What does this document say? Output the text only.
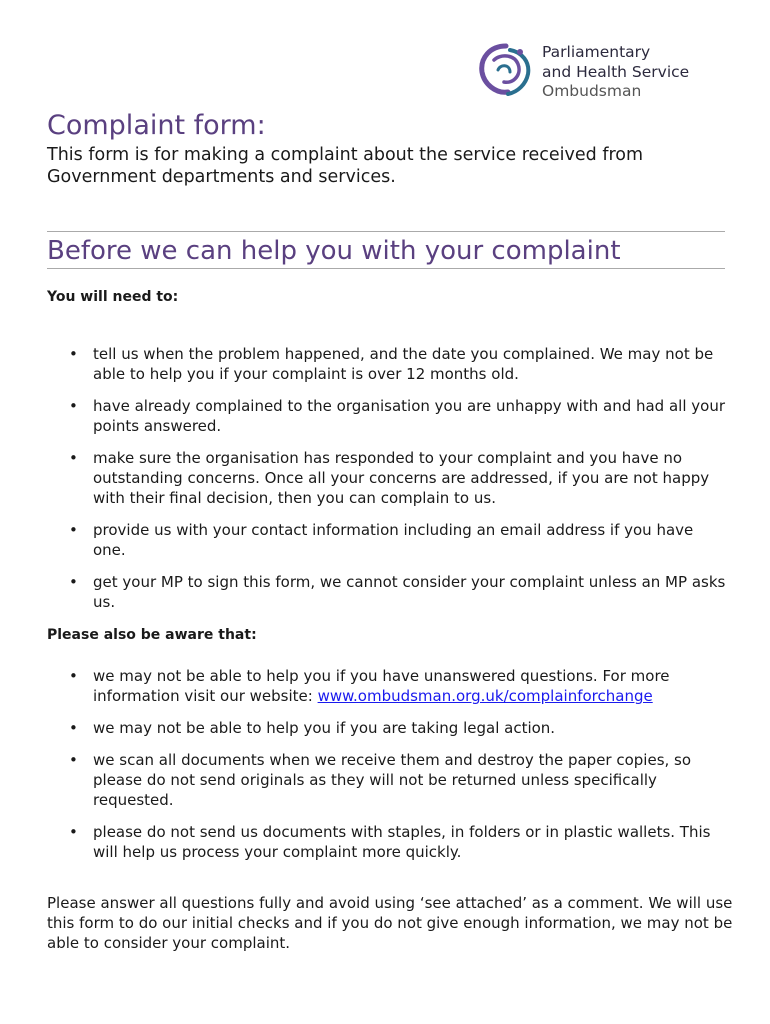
Parliamentary
and Health Service
Ombudsman
Complaint form:
This form is for making a complaint about the service received from Government departments and services.
Before we can help you with your complaint
You will need to:
• tell us when the problem happened, and the date you complained. We may not be able to help you if your complaint is over 12 months old.
• have already complained to the organisation you are unhappy with and had all your points answered.
• make sure the organisation has responded to your complaint and you have no outstanding concerns. Once all your concerns are addressed, if you are not happy with their final decision, then you can complain to us.
• provide us with your contact information including an email address if you have one.
• get your MP to sign this form, we cannot consider your complaint unless an MP asks us.
Please also be aware that:
• we may not be able to help you if you have unanswered questions. For more information visit our website: www.ombudsman.org.uk/complainforchange
• we may not be able to help you if you are taking legal action.
• we scan all documents when we receive them and destroy the paper copies, so please do not send originals as they will not be returned unless specifically requested.
• please do not send us documents with staples, in folders or in plastic wallets. This will help us process your complaint more quickly.
Please answer all questions fully and avoid using ‘see attached’ as a comment. We will use this form to do our initial checks and if you do not give enough information, we may not be able to consider your complaint.
